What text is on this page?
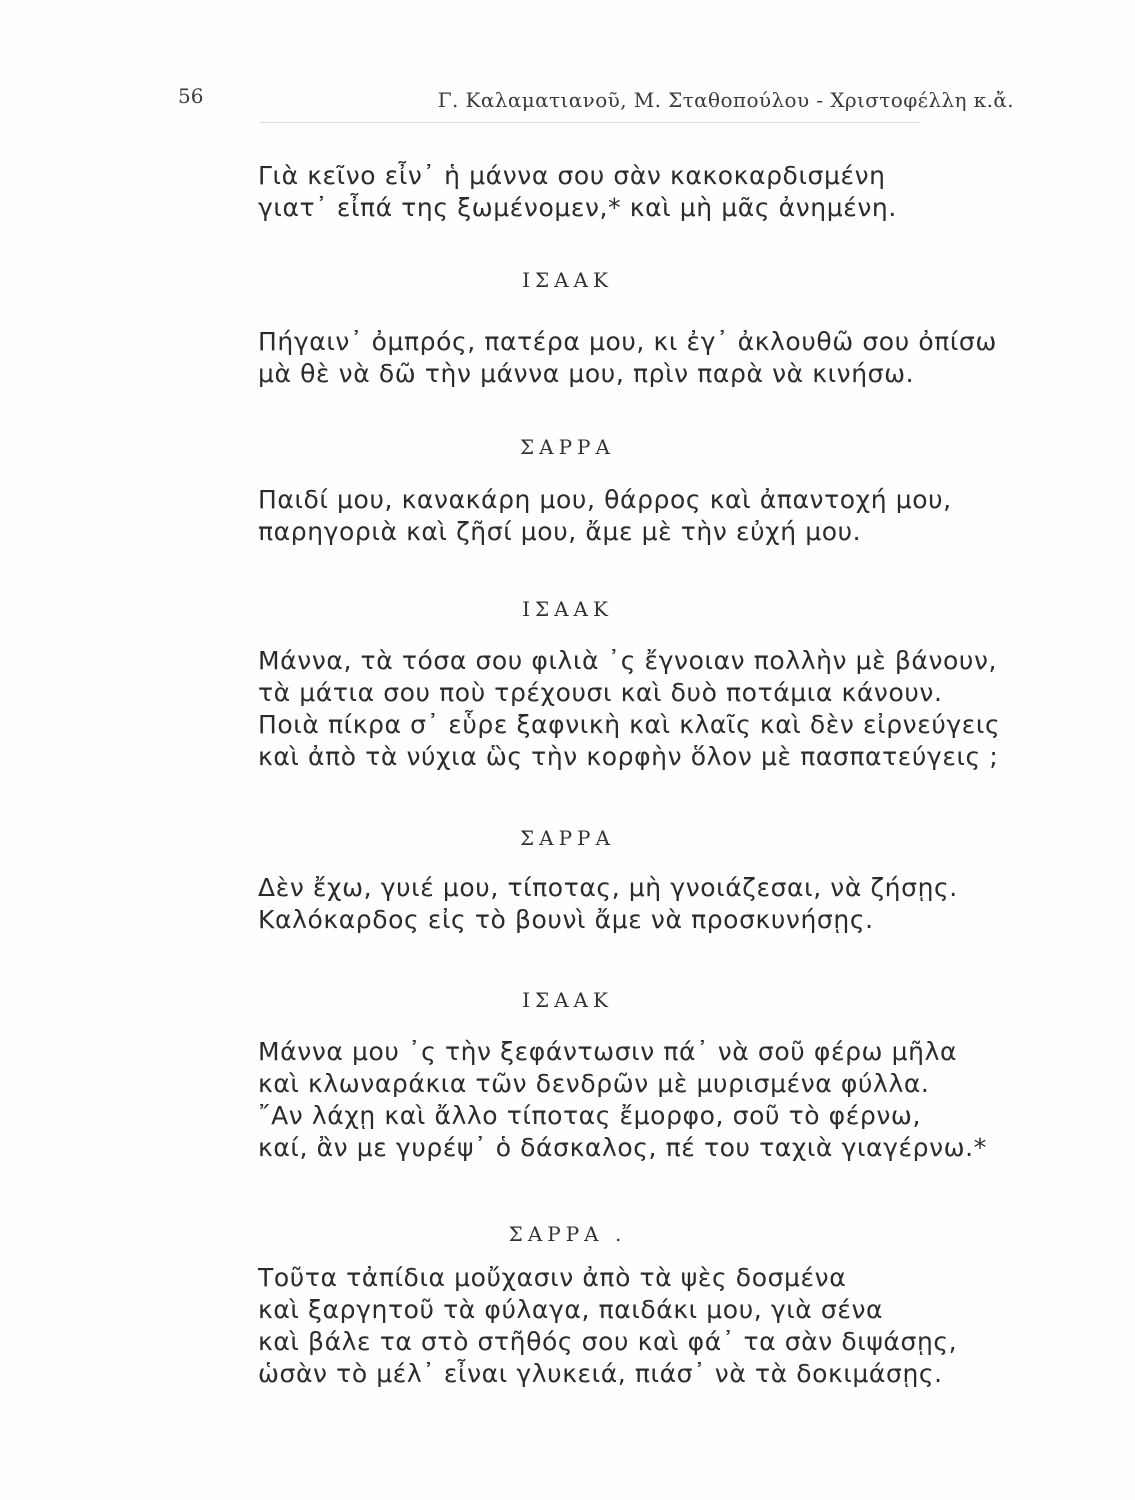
56	Γ. Καλαματιανοῦ, Μ. Σταθοπούλου - Χριστοφέλλη κ.ἄ.
Γιὰ κεῖνο εἶν᾿ ἡ μάννα σου σὰν κακοκαρδισμένη
γιατ᾿ εἶπά της ξωμένομεν,* καὶ μὴ μᾶς ἀνημένη.
ΙΣΑΑΚ
Πήγαιν᾿ ὀμπρός, πατέρα μου, κι ἐγ᾿ ἀκλουθῶ σου ὀπίσω
μὰ θὲ νὰ δῶ τὴν μάννα μου, πρὶν παρὰ νὰ κινήσω.
ΣΑΡΡΑ
Παιδί μου, κανακάρη μου, θάρρος καὶ ἀπαντοχή μου,
παρηγοριὰ καὶ ζῆσί μου, ἄμε μὲ τὴν εὐχή μου.
ΙΣΑΑΚ
Μάννα, τὰ τόσα σου φιλιὰ ᾿ς ἔγνοιαν πολλὴν μὲ βάνουν,
τὰ μάτια σου ποὺ τρέχουσι καὶ δυὸ ποτάμια κάνουν.
Ποιὰ πίκρα σ᾿ εὗρε ξαφνικὴ καὶ κλαῖς καὶ δὲν εἰρνεύγεις
καὶ ἀπὸ τὰ νύχια ὣς τὴν κορφὴν ὅλον μὲ πασπατεύγεις ;
ΣΑΡΡΑ
Δὲν ἔχω, γυιέ μου, τίποτας, μὴ γνοιάζεσαι, νὰ ζήσῃς.
Καλόκαρδος εἰς τὸ βουνὶ ἄμε νὰ προσκυνήσῃς.
ΙΣΑΑΚ
Μάννα μου ᾿ς τὴν ξεφάντωσιν πά᾿ νὰ σοῦ φέρω μῆλα
καὶ κλωναράκια τῶν δενδρῶν μὲ μυρισμένα φύλλα.
῎Αν λάχῃ καὶ ἄλλο τίποτας ἔμορφο, σοῦ τὸ φέρνω,
καί, ἂν με γυρέψ᾿ ὁ δάσκαλος, πέ του ταχιὰ γιαγέρνω.*
ΣΑΡΡΑ .
Τοῦτα τἀπίδια μοὔχασιν ἀπὸ τὰ ψὲς δοσμένα
καὶ ξαργητοῦ τὰ φύλαγα, παιδάκι μου, γιὰ σένα
καὶ βάλε τα στὸ στῆθός σου καὶ φά᾿ τα σὰν διψάσῃς,
ὡσὰν τὸ μέλ᾿ εἶναι γλυκειά, πιάσ᾿ νὰ τὰ δοκιμάσῃς.
